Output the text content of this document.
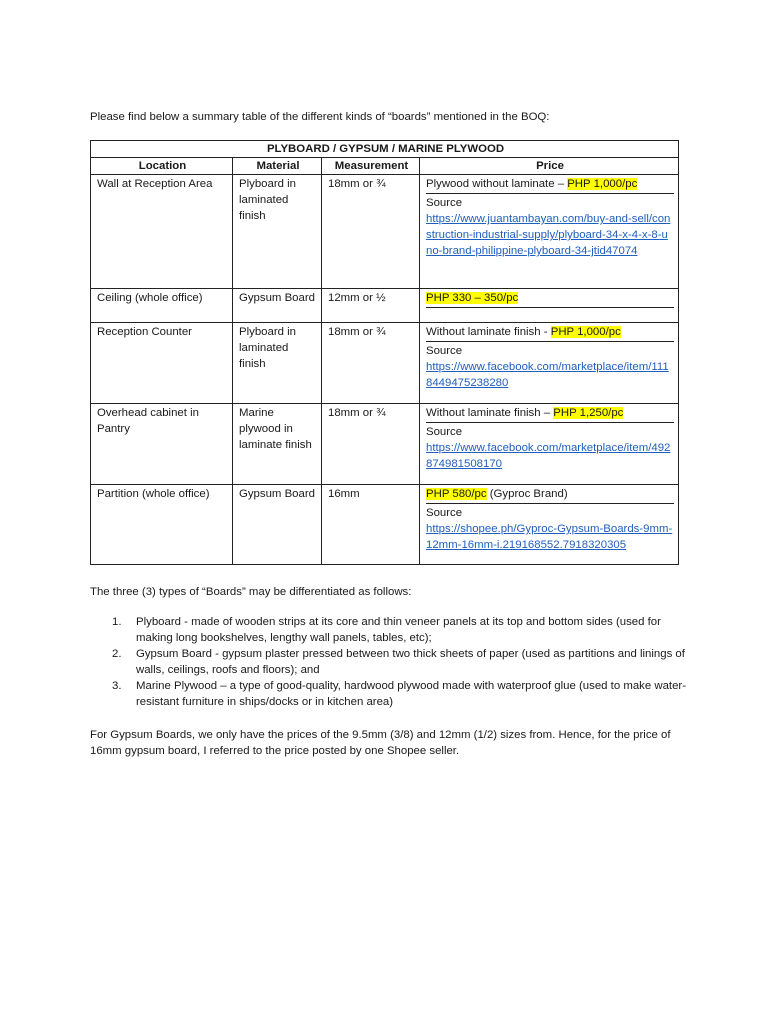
Please find below a summary table of the different kinds of “boards” mentioned in the BOQ:
PLYBOARD / GYPSUM / MARINE PLYWOOD			
Location	Material	Measurement	Price
Wall at Reception Area	Plyboard in laminated finish	18mm or ¾	Plywood without laminate – PHP 1,000/pc
Source
https://www.juantambayan.com/buy-and-sell/construction-industrial-supply/plyboard-34-x-4-x-8-uno-brand-philippine-plyboard-34-jtid47074

Ceiling (whole office)	Gypsum Board	12mm or ½	PHP 330 – 350/pc

Reception Counter	Plyboard in laminated finish	18mm or ¾	Without laminate finish - PHP 1,000/pc
Source
https://www.facebook.com/marketplace/item/1118449475238280

Overhead cabinet in Pantry	Marine plywood in laminate finish	18mm or ¾	Without laminate finish – PHP 1,250/pc
Source
https://www.facebook.com/marketplace/item/492874981508170

Partition (whole office)	Gypsum Board	16mm	PHP 580/pc (Gyproc Brand)
Source
https://shopee.ph/Gyproc-Gypsum-Boards-9mm-12mm-16mm-i.219168552.7918320305
The three (3) types of “Boards” may be differentiated as follows:
1. Plyboard - made of wooden strips at its core and thin veneer panels at its top and bottom sides (used for making long bookshelves, lengthy wall panels, tables, etc);
2. Gypsum Board - gypsum plaster pressed between two thick sheets of paper (used as partitions and linings of walls, ceilings, roofs and floors); and
3. Marine Plywood – a type of good-quality, hardwood plywood made with waterproof glue (used to make water-resistant furniture in ships/docks or in kitchen area)
For Gypsum Boards, we only have the prices of the 9.5mm (3/8) and 12mm (1/2) sizes from. Hence, for the price of 16mm gypsum board, I referred to the price posted by one Shopee seller.
